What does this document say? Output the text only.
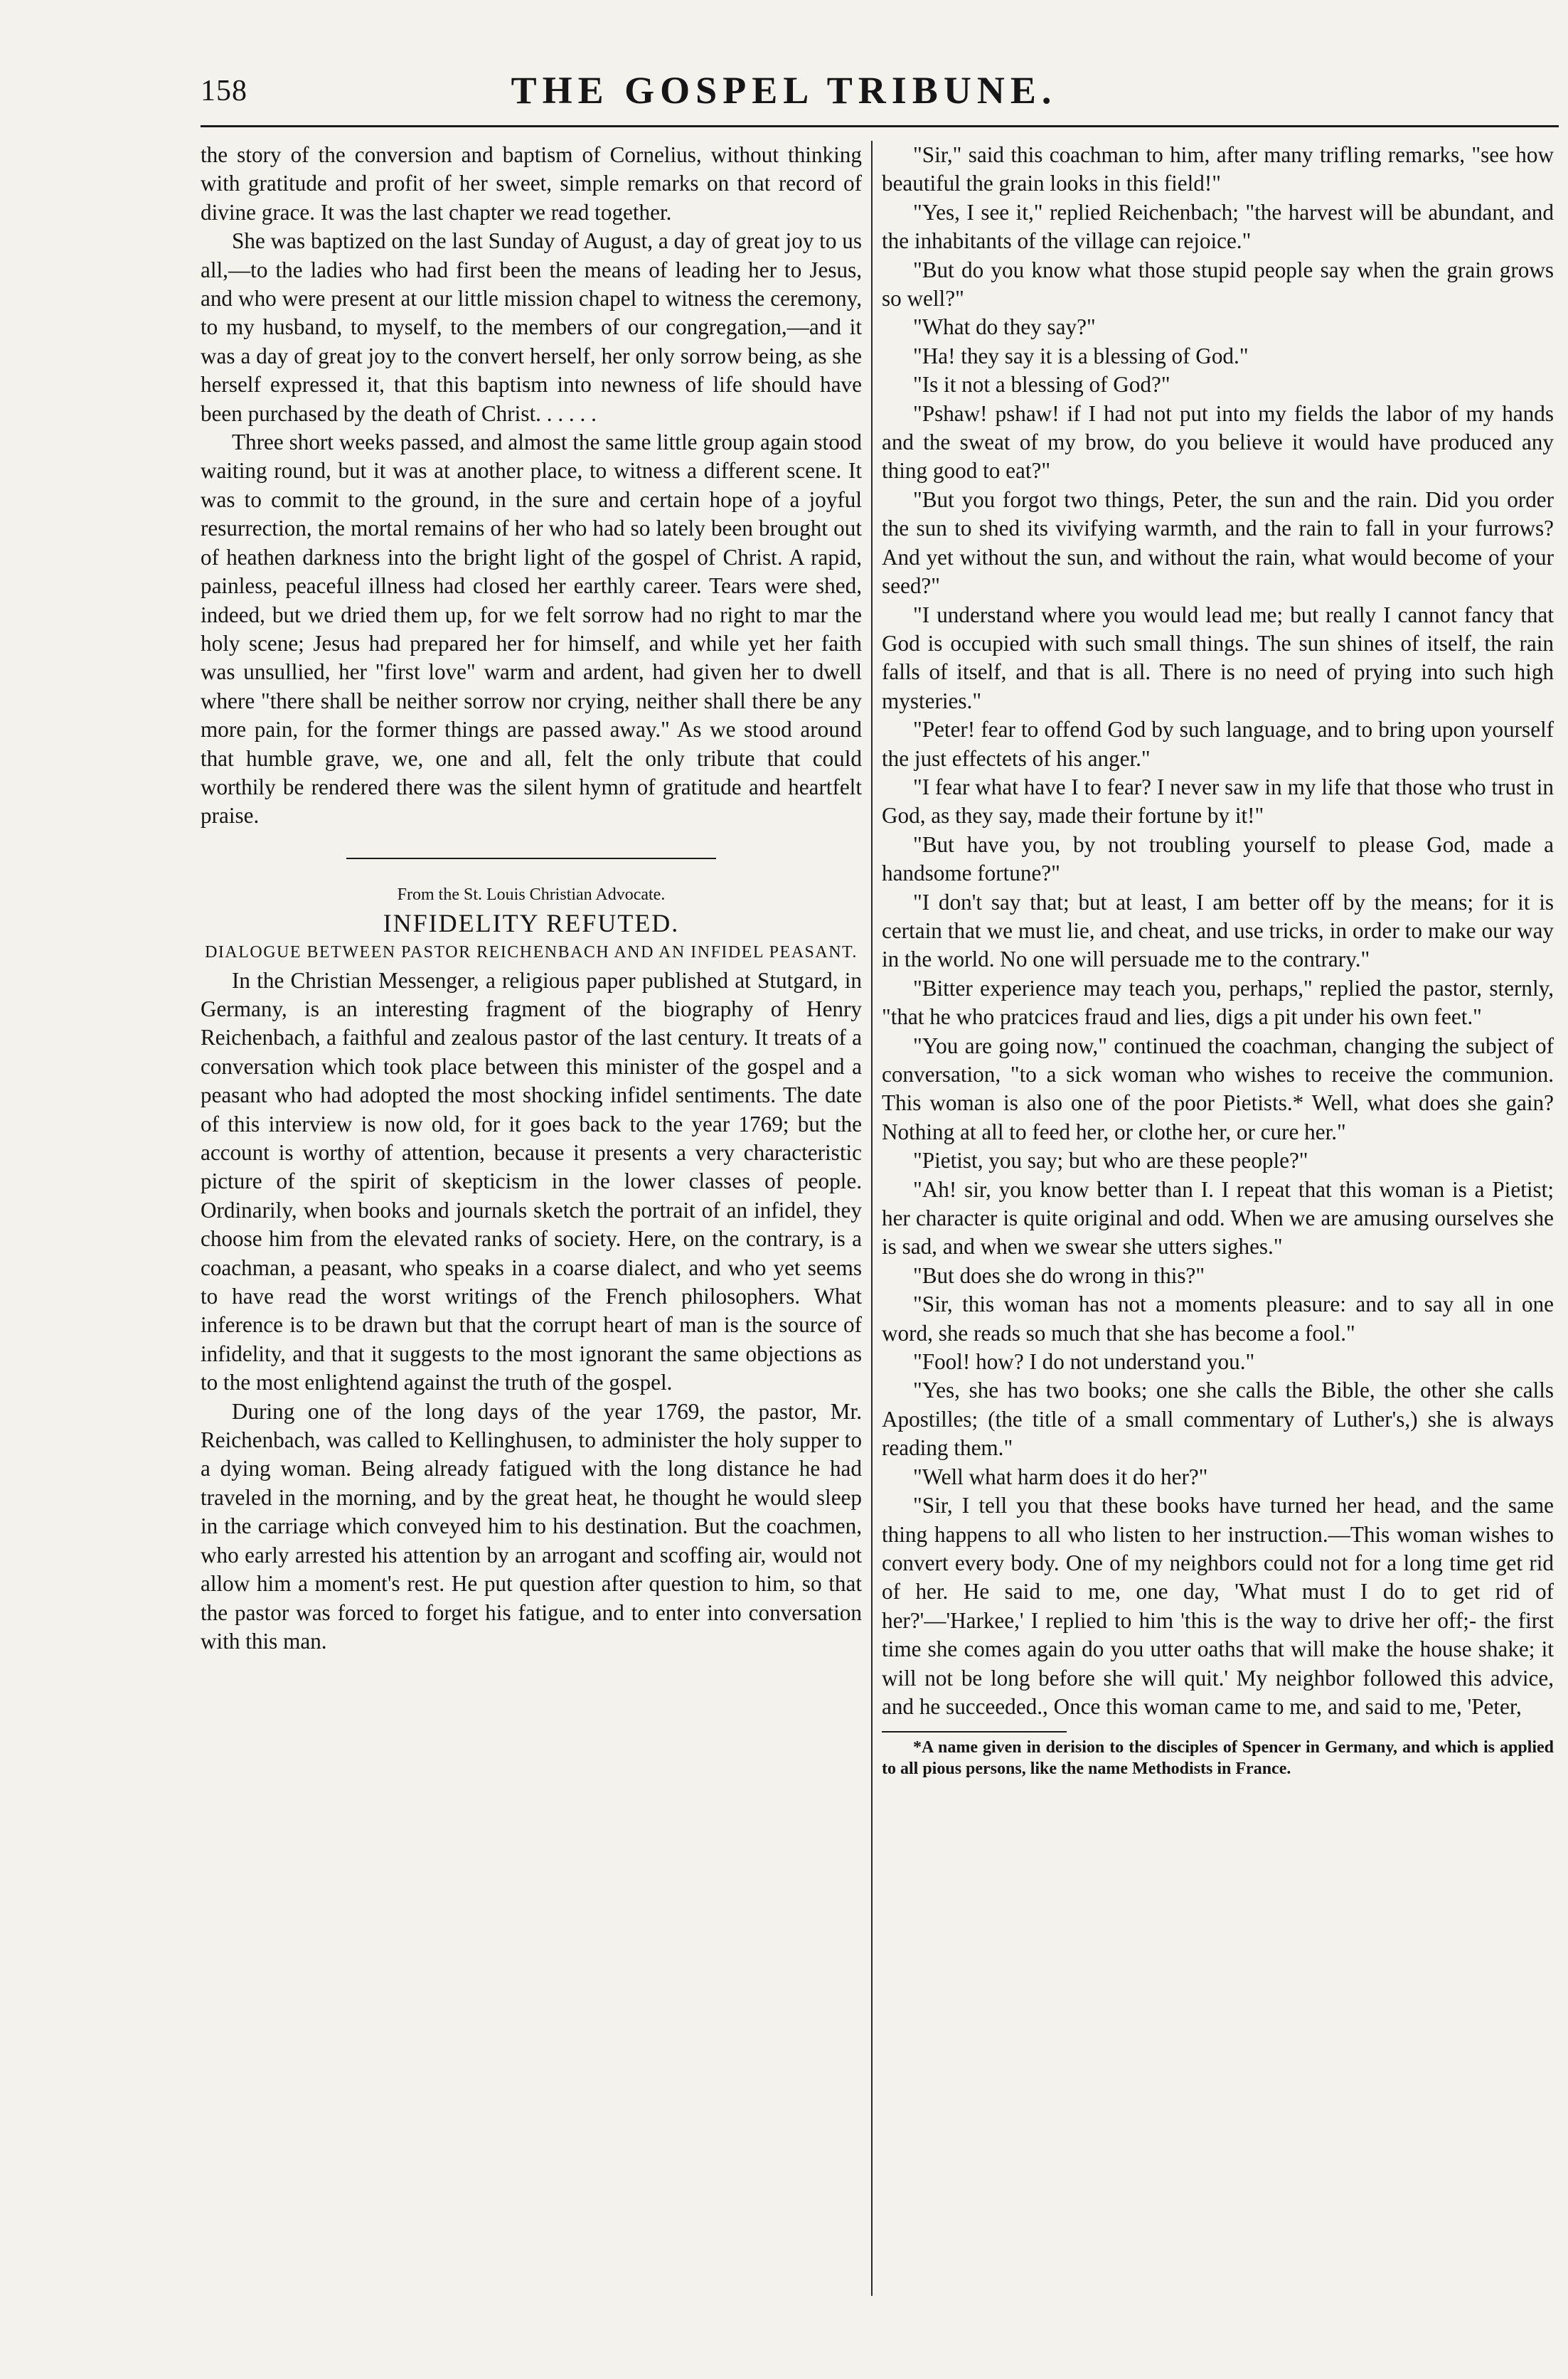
158	THE GOSPEL TRIBUNE.

the story of the conversion and baptism of Cornelius, without thinking with gratitude and profit of her sweet, simple remarks on that record of divine grace. It was the last chapter we read together.

She was baptized on the last Sunday of August, a day of great joy to us all,—to the ladies who had first been the means of leading her to Jesus, and who were present at our little mission chapel to witness the ceremony, to my husband, to myself, to the members of our congregation,—and it was a day of great joy to the convert herself, her only sorrow being, as she herself expressed it, that this baptism into newness of life should have been purchased by the death of Christ. . . . . .

Three short weeks passed, and almost the same little group again stood waiting round, but it was at another place, to witness a different scene. It was to commit to the ground, in the sure and certain hope of a joyful resurrection, the mortal remains of her who had so lately been brought out of heathen darkness into the bright light of the gospel of Christ. A rapid, painless, peaceful illness had closed her earthly career. Tears were shed, indeed, but we dried them up, for we felt sorrow had no right to mar the holy scene; Jesus had prepared her for himself, and while yet her faith was unsullied, her "first love" warm and ardent, had given her to dwell where "there shall be neither sorrow nor crying, neither shall there be any more pain, for the former things are passed away." As we stood around that humble grave, we, one and all, felt the only tribute that could worthily be rendered there was the silent hymn of gratitude and heartfelt praise.

From the St. Louis Christian Advocate.

INFIDELITY REFUTED.

DIALOGUE BETWEEN PASTOR REICHENBACH AND AN INFIDEL PEASANT.

In the Christian Messenger, a religious paper published at Stutgard, in Germany, is an interesting fragment of the biography of Henry Reichenbach, a faithful and zealous pastor of the last century. It treats of a conversation which took place between this minister of the gospel and a peasant who had adopted the most shocking infidel sentiments. The date of this interview is now old, for it goes back to the year 1769; but the account is worthy of attention, because it presents a very characteristic picture of the spirit of skepticism in the lower classes of people. Ordinarily, when books and journals sketch the portrait of an infidel, they choose him from the elevated ranks of society. Here, on the contrary, is a coachman, a peasant, who speaks in a coarse dialect, and who yet seems to have read the worst writings of the French philosophers. What inference is to be drawn but that the corrupt heart of man is the source of infidelity, and that it suggests to the most ignorant the same objections as to the most enlightend against the truth of the gospel.

During one of the long days of the year 1769, the pastor, Mr. Reichenbach, was called to Kellinghusen, to administer the holy supper to a dying woman. Being already fatigued with the long distance he had traveled in the morning, and by the great heat, he thought he would sleep in the carriage which conveyed him to his destination. But the coachmen, who early arrested his attention by an arrogant and scoffing air, would not allow him a moment's rest. He put question after question to him, so that the pastor was forced to forget his fatigue, and to enter into conversation with this man.

"Sir," said this coachman to him, after many trifling remarks, "see how beautiful the grain looks in this field!"

"Yes, I see it," replied Reichenbach; "the harvest will be abundant, and the inhabitants of the village can rejoice."

"But do you know what those stupid people say when the grain grows so well?"

"What do they say?"

"Ha! they say it is a blessing of God."

"Is it not a blessing of God?"

"Pshaw! pshaw! if I had not put into my fields the labor of my hands and the sweat of my brow, do you believe it would have produced any thing good to eat?"

"But you forgot two things, Peter, the sun and the rain. Did you order the sun to shed its vivifying warmth, and the rain to fall in your furrows? And yet without the sun, and without the rain, what would become of your seed?"

"I understand where you would lead me; but really I cannot fancy that God is occupied with such small things. The sun shines of itself, the rain falls of itself, and that is all. There is no need of prying into such high mysteries."

"Peter! fear to offend God by such language, and to bring upon yourself the just effectets of his anger."

"I fear what have I to fear? I never saw in my life that those who trust in God, as they say, made their fortune by it!"

"But have you, by not troubling yourself to please God, made a handsome fortune?"

"I don't say that; but at least, I am better off by the means; for it is certain that we must lie, and cheat, and use tricks, in order to make our way in the world. No one will persuade me to the contrary."

"Bitter experience may teach you, perhaps," replied the pastor, sternly, "that he who pratcices fraud and lies, digs a pit under his own feet."

"You are going now," continued the coachman, changing the subject of conversation, "to a sick woman who wishes to receive the communion. This woman is also one of the poor Pietists.* Well, what does she gain? Nothing at all to feed her, or clothe her, or cure her."

"Pietist, you say; but who are these people?"

"Ah! sir, you know better than I. I repeat that this woman is a Pietist; her character is quite original and odd. When we are amusing ourselves she is sad, and when we swear she utters sighes."

"But does she do wrong in this?"

"Sir, this woman has not a moments pleasure: and to say all in one word, she reads so much that she has become a fool."

"Fool! how? I do not understand you."

"Yes, she has two books; one she calls the Bible, the other she calls Apostilles; (the title of a small commentary of Luther's,) she is always reading them."

"Well what harm does it do her?"

"Sir, I tell you that these books have turned her head, and the same thing happens to all who listen to her instruction.—This woman wishes to convert every body. One of my neighbors could not for a long time get rid of her. He said to me, one day, 'What must I do to get rid of her?'—'Harkee,' I replied to him 'this is the way to drive her off;- the first time she comes again do you utter oaths that will make the house shake; it will not be long before she will quit.' My neighbor followed this advice, and he succeeded., Once this woman came to me, and said to me, 'Peter,

*A name given in derision to the disciples of Spencer in Germany, and which is applied to all pious persons, like the name Methodists in France.
